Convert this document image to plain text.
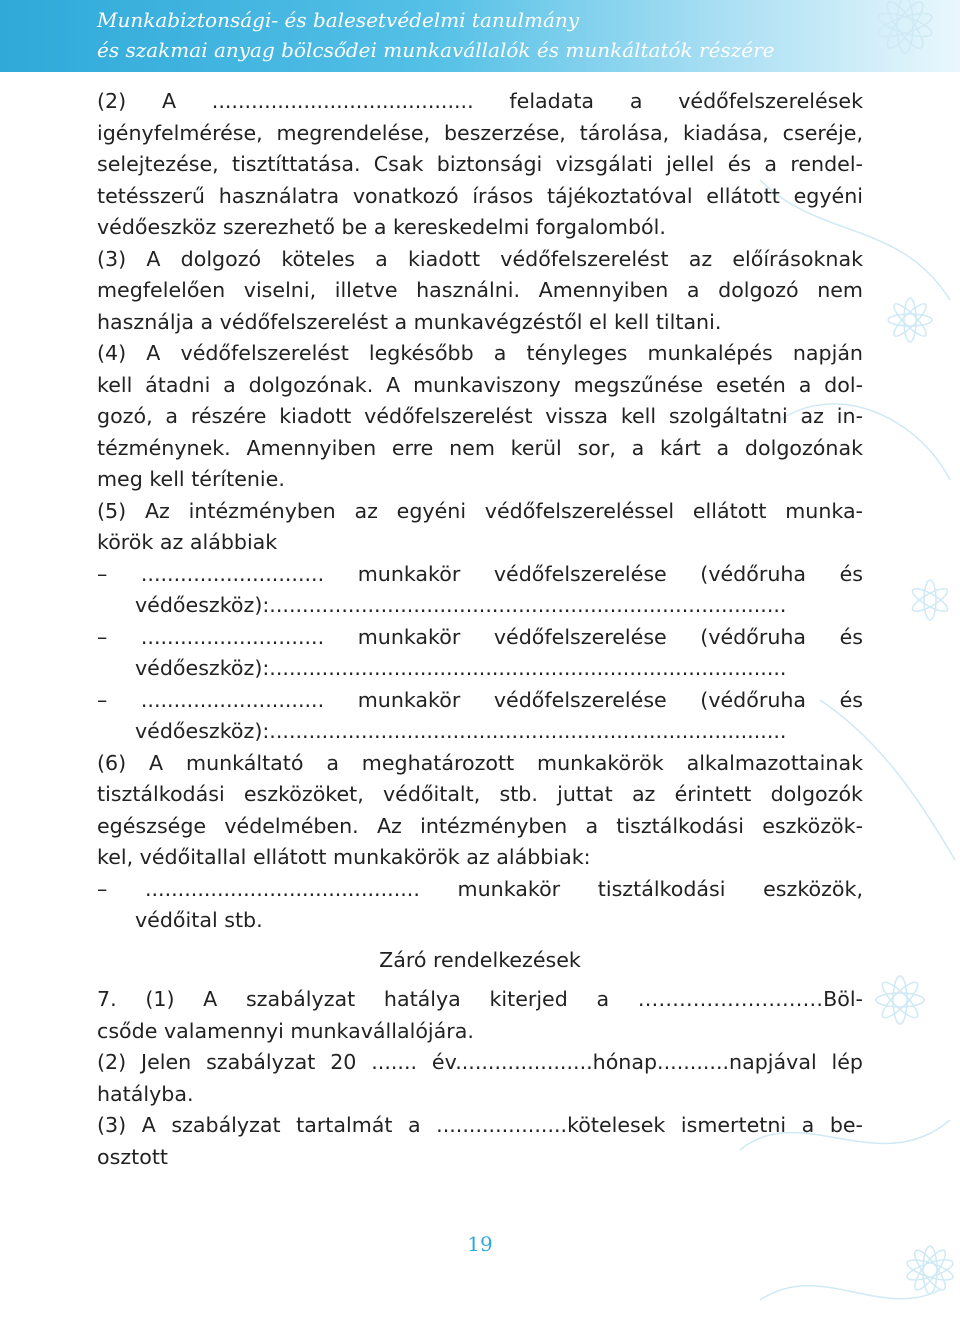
Munkabiztonsági- és balesetvédelmi tanulmány
és szakmai anyag bölcsődei munkavállalók és munkáltatók részére
(2) A ........................................ feladata a védőfelszerelések
igényfelmérése, megrendelése, beszerzése, tárolása, kiadása, cseréje,
selejtezése, tisztíttatása. Csak biztonsági vizsgálati jellel és a rendel-
tetésszerű használatra vonatkozó írásos tájékoztatóval ellátott egyéni
védőeszköz szerezhető be a kereskedelmi forgalomból.
(3) A dolgozó köteles a kiadott védőfelszerelést az előírásoknak
megfelelően viselni, illetve használni. Amennyiben a dolgozó nem
használja a védőfelszerelést a munkavégzéstől el kell tiltani.
(4) A védőfelszerelést legkésőbb a tényleges munkalépés napján
kell átadni a dolgozónak. A munkaviszony megszűnése esetén a dol-
gozó, a részére kiadott védőfelszerelést vissza kell szolgáltatni az in-
tézménynek. Amennyiben erre nem kerül sor, a kárt a dolgozónak
meg kell térítenie.
(5) Az intézményben az egyéni védőfelszereléssel ellátott munka-
körök az alábbiak
– ............................ munkakör védőfelszerelése (védőruha és
védőeszköz):...............................................................................
– ............................ munkakör védőfelszerelése (védőruha és
védőeszköz):...............................................................................
– ............................ munkakör védőfelszerelése (védőruha és
védőeszköz):...............................................................................
(6) A munkáltató a meghatározott munkakörök alkalmazottainak
tisztálkodási eszközöket, védőitalt, stb. juttat az érintett dolgozók
egészsége védelmében. Az intézményben a tisztálkodási eszközök-
kel, védőitallal ellátott munkakörök az alábbiak:
– .......................................... munkakör tisztálkodási eszközök,
védőital stb.
Záró rendelkezések
7. (1) A szabályzat hatálya kiterjed a ………………………Böl-
csőde valamennyi munkavállalójára.
(2) Jelen szabályzat 20 ....... év.....................hónap...........napjával lép
hatályba.
(3) A szabályzat tartalmát a ....................kötelesek ismertetni a be-
osztott
19
